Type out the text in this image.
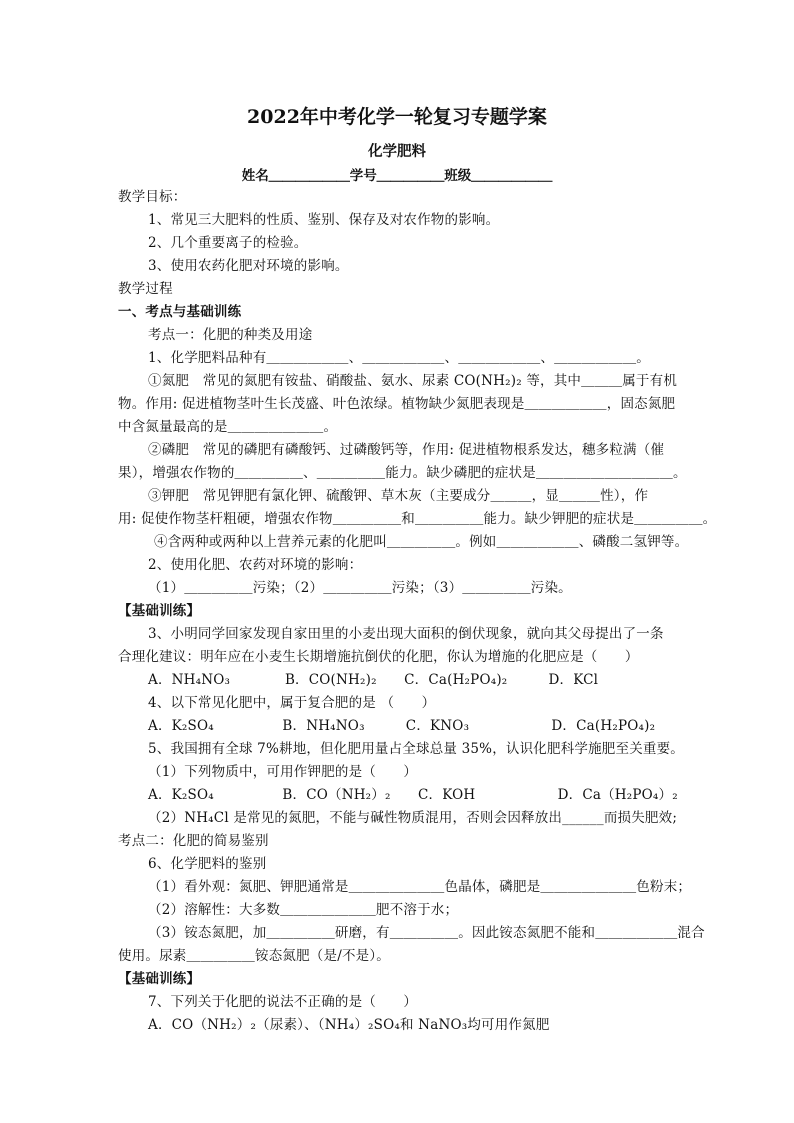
2022年中考化学一轮复习专题学案
化学肥料
姓名＿＿＿＿＿＿学号＿＿＿＿＿班级＿＿＿＿＿＿
教学目标：
1、常见三大肥料的性质、鉴别、保存及对农作物的影响。
2、几个重要离子的检验。
3、使用农药化肥对环境的影响。
教学过程
一、考点与基础训练
考点一：化肥的种类及用途
1、化学肥料品种有＿＿＿＿＿＿、＿＿＿＿＿＿、＿＿＿＿＿＿、＿＿＿＿＿＿。
①氮肥　常见的氮肥有铵盐、硝酸盐、氨水、尿素 CO(NH₂)₂ 等，其中＿＿＿属于有机
物。作用: 促进植物茎叶生长茂盛、叶色浓绿。植物缺少氮肥表现是＿＿＿＿＿＿，固态氮肥
中含氮量最高的是＿＿＿＿＿＿＿。
②磷肥　常见的磷肥有磷酸钙、过磷酸钙等，作用: 促进植物根系发达，穗多粒满（催
果），增强农作物的＿＿＿＿＿、＿＿＿＿＿能力。缺少磷肥的症状是＿＿＿＿＿＿＿＿＿＿。
③钾肥　常见钾肥有氯化钾、硫酸钾、草木灰（主要成分＿＿＿，显＿＿＿性），作
用: 促使作物茎杆粗硬，增强农作物＿＿＿＿＿和＿＿＿＿＿能力。缺少钾肥的症状是＿＿＿＿＿。
④含两种或两种以上营养元素的化肥叫＿＿＿＿＿。例如＿＿＿＿＿＿、磷酸二氢钾等。
2、使用化肥、农药对环境的影响：
（1）＿＿＿＿＿污染；（2）＿＿＿＿＿污染；（3）＿＿＿＿＿污染。
【基础训练】
3、小明同学回家发现自家田里的小麦出现大面积的倒伏现象，就向其父母提出了一条
合理化建议：明年应在小麦生长期增施抗倒伏的化肥，你认为增施的化肥应是（　　）
A．NH₄NO₃　　　　B．CO(NH₂)₂　　C．Ca(H₂PO₄)₂　　　D．KCl
4、以下常见化肥中，属于复合肥的是 （　　）
A．K₂SO₄　　　　　B．NH₄NO₃　　　C．KNO₃　　　　　　D．Ca(H₂PO₄)₂
5、我国拥有全球 7%耕地，但化肥用量占全球总量 35%，认识化肥科学施肥至关重要。
（1）下列物质中，可用作钾肥的是（　　）
A．K₂SO₄　　　　　B．CO（NH₂）₂　　C．KOH　　　　　　D．Ca（H₂PO₄）₂
（2）NH₄Cl 是常见的氮肥，不能与碱性物质混用，否则会因释放出______而损失肥效;
考点二：化肥的简易鉴别
6、化学肥料的鉴别
（1）看外观：氮肥、钾肥通常是＿＿＿＿＿＿＿色晶体，磷肥是＿＿＿＿＿＿＿色粉末；
（2）溶解性：大多数＿＿＿＿＿＿＿肥不溶于水；
（3）铵态氮肥，加＿＿＿＿＿研磨，有＿＿＿＿＿。因此铵态氮肥不能和＿＿＿＿＿＿混合
使用。尿素＿＿＿＿＿铵态氮肥（是/不是）。
【基础训练】
7、下列关于化肥的说法不正确的是（　　）
A．CO（NH₂）₂（尿素）、（NH₄）₂SO₄和 NaNO₃均可用作氮肥
